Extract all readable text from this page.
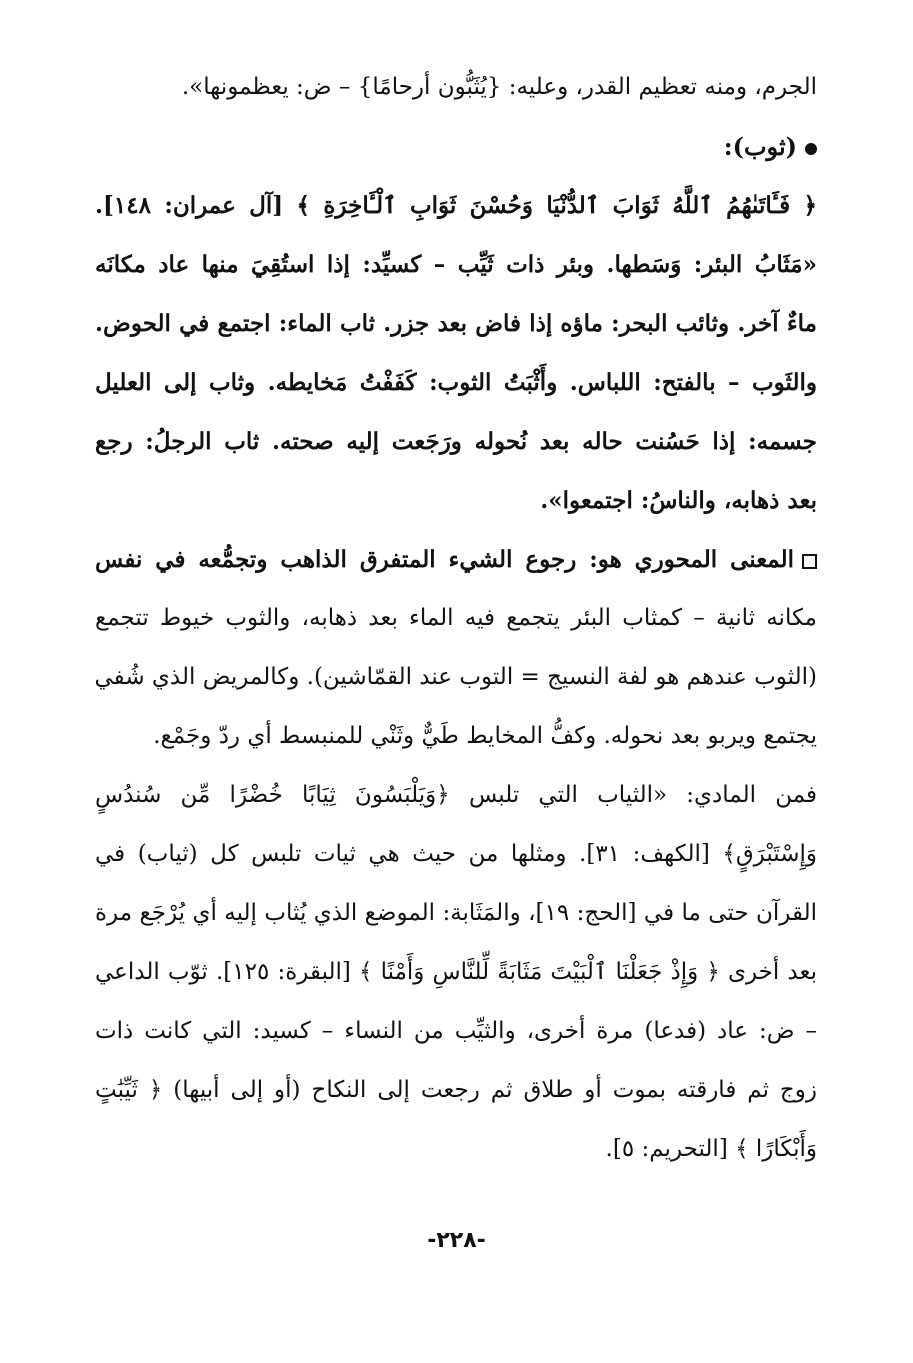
الجرم، ومنه تعظيم القدر، وعليه: {يُثَبُّون أرحامًا} – ض: يعظمونها».
(ثوب):
﴿ فَـَٔاتَىٰهُمُ ٱللَّهُ ثَوَابَ ٱلدُّنْيَا وَحُسْنَ ثَوَابِ ٱلْـَٔاخِرَةِ ﴾ [آل عمران: ١٤٨].
«مَثَابُ البئر: وَسَطها. وبئر ذات ثَيِّب – كسيِّد: إذا استُقِيَ منها عاد مكانَه
ماءٌ آخر. وثائب البحر: ماؤه إذا فاض بعد جزر. ثاب الماء: اجتمع في الحوض.
والثَوب – بالفتح: اللباس. وأَثْبَتُ الثوب: كَفَفْتُ مَخايطه. وثاب إلى العليل
جسمه: إذا حَسُنت حاله بعد نُحوله ورَجَعت إليه صحته. ثاب الرجلُ: رجع
بعد ذهابه، والناسُ: اجتمعوا».
المعنى المحوري هو: رجوع الشيء المتفرق الذاهب وتجمُّعه في نفس
مكانه ثانية – كمثاب البئر يتجمع فيه الماء بعد ذهابه، والثوب خيوط تتجمع
(الثوب عندهم هو لفة النسيج = التوب عند القمّاشين). وكالمريض الذي شُفي
يجتمع ويربو بعد نحوله. وكفُّ المخايط طَيٌّ وثَنْي للمنبسط أي ردّ وجَمْع.
فمن المادي: «الثياب التي تلبس ﴿وَيَلْبَسُونَ ثِيَابًا خُضْرًا مِّن سُندُسٍ
وَإِسْتَبْرَقٍ﴾ [الكهف: ٣١]. ومثلها من حيث هي ثيات تلبس كل (ثياب) في
القرآن حتى ما في [الحج: ١٩]، والمَثَابة: الموضع الذي يُثاب إليه أي يُرْجَع مرة
بعد أخرى ﴿ وَإِذْ جَعَلْنَا ٱلْبَيْتَ مَثَابَةً لِّلنَّاسِ وَأَمْنًا ﴾ [البقرة: ١٢٥]. ثوّب الداعي
– ض: عاد (فدعا) مرة أخرى، والثيِّب من النساء – كسيد: التي كانت ذات
زوج ثم فارقته بموت أو طلاق ثم رجعت إلى النكاح (أو إلى أبيها) ﴿ ثَيِّبَٰتٍ
وَأَبْكَارًا ﴾ [التحريم: ٥].
-٢٢٨-
